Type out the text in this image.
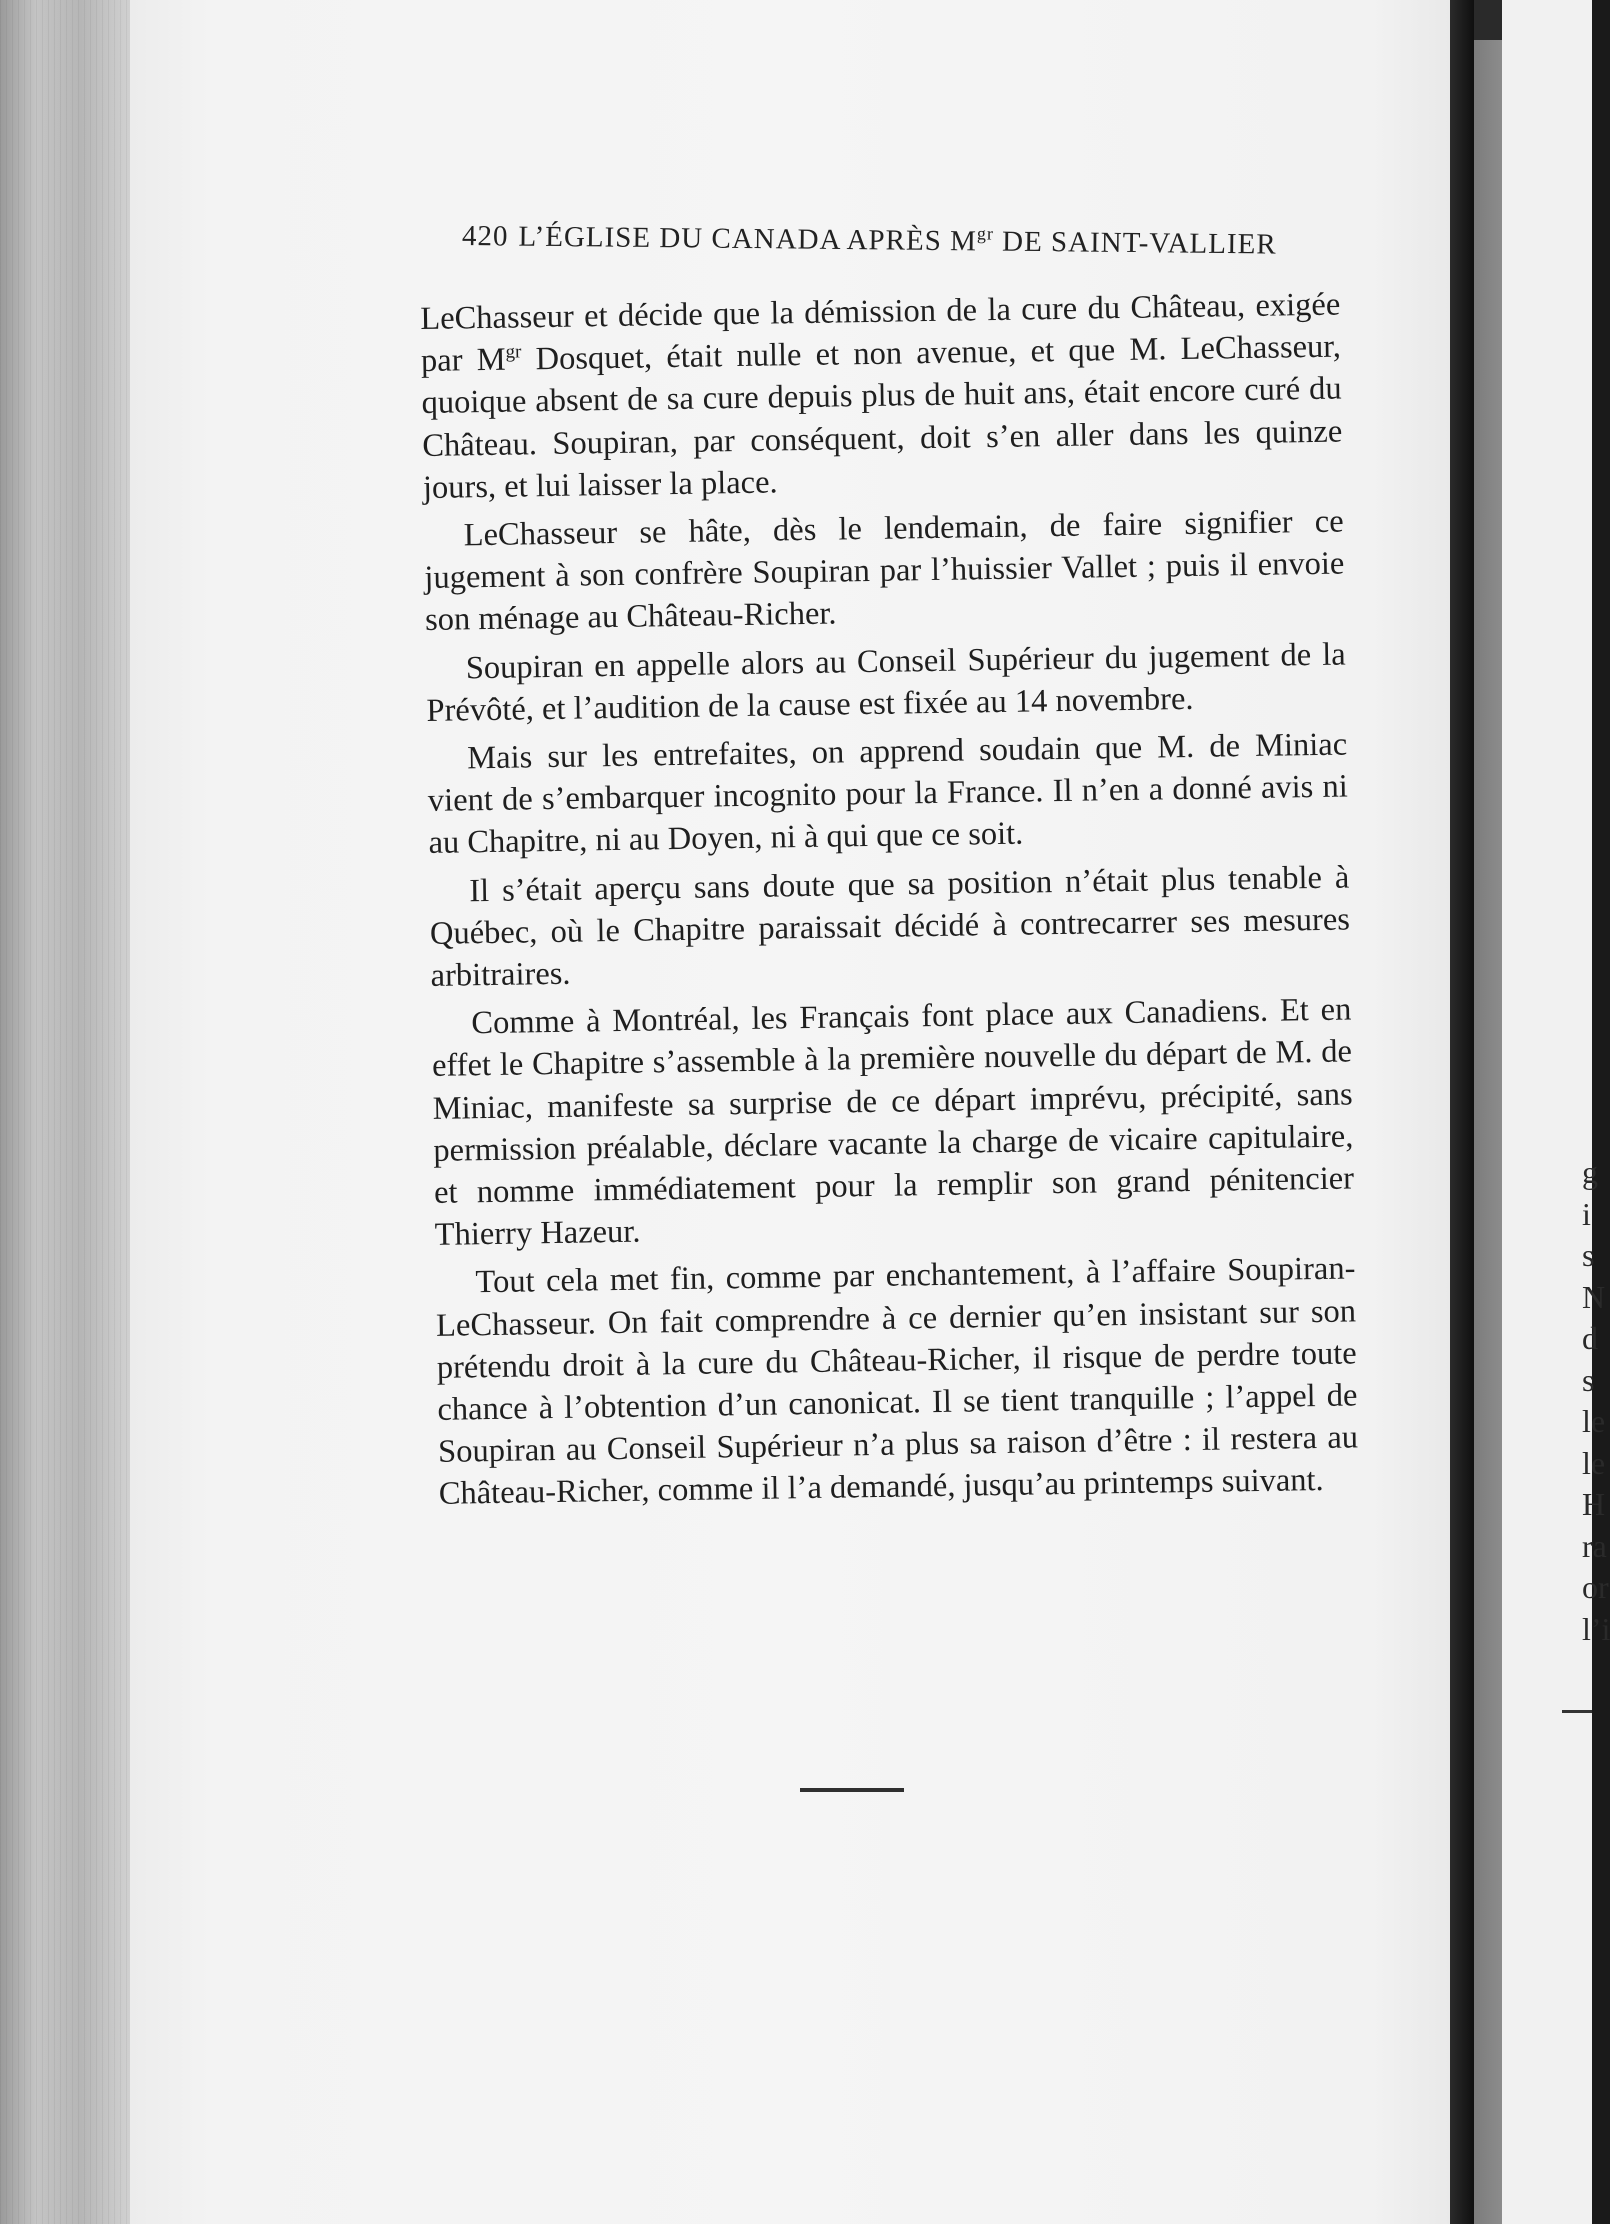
420 L’ÉGLISE DU CANADA APRÈS $M^{gr}$ DE SAINT-VALLIER

LeChasseur et décide que la démission de la cure du Château, exigée par $M^{gr}$ Dosquet, était nulle et non avenue, et que M. LeChasseur, quoique absent de sa cure depuis plus de huit ans, était encore curé du Château. Soupiran, par conséquent, doit s’en aller dans les quinze jours, et lui laisser la place.

LeChasseur se hâte, dès le lendemain, de faire signifier ce jugement à son confrère Soupiran par l’huissier Vallet ; puis il envoie son ménage au Château-Richer.

Soupiran en appelle alors au Conseil Supérieur du jugement de la Prévôté, et l’audition de la cause est fixée au 14 novembre.

Mais sur les entrefaites, on apprend soudain que M. de Miniac vient de s’embarquer incognito pour la France. Il n’en a donné avis ni au Chapitre, ni au Doyen, ni à qui que ce soit.

Il s’était aperçu sans doute que sa position n’était plus tenable à Québec, où le Chapitre paraissait décidé à contrecarrer ses mesures arbitraires.

Comme à Montréal, les Français font place aux Canadiens. Et en effet le Chapitre s’assemble à la première nouvelle du départ de M. de Miniac, manifeste sa surprise de ce départ imprévu, précipité, sans permission préalable, déclare vacante la charge de vicaire capitulaire, et nomme immédiatement pour la remplir son grand pénitencier Thierry Hazeur.

Tout cela met fin, comme par enchantement, à l’affaire Soupiran-LeChasseur. On fait comprendre à ce dernier qu’en insistant sur son prétendu droit à la cure du Château-Richer, il risque de perdre toute chance à l’obtention d’un canonicat. Il se tient tranquille ; l’appel de Soupiran au Conseil Supérieur n’a plus sa raison d’être : il restera au Château-Richer, comme il l’a demandé, jusqu’au printemps suivant.

g
i
s
N
d
s
le
le
H
ra
or
l’i
